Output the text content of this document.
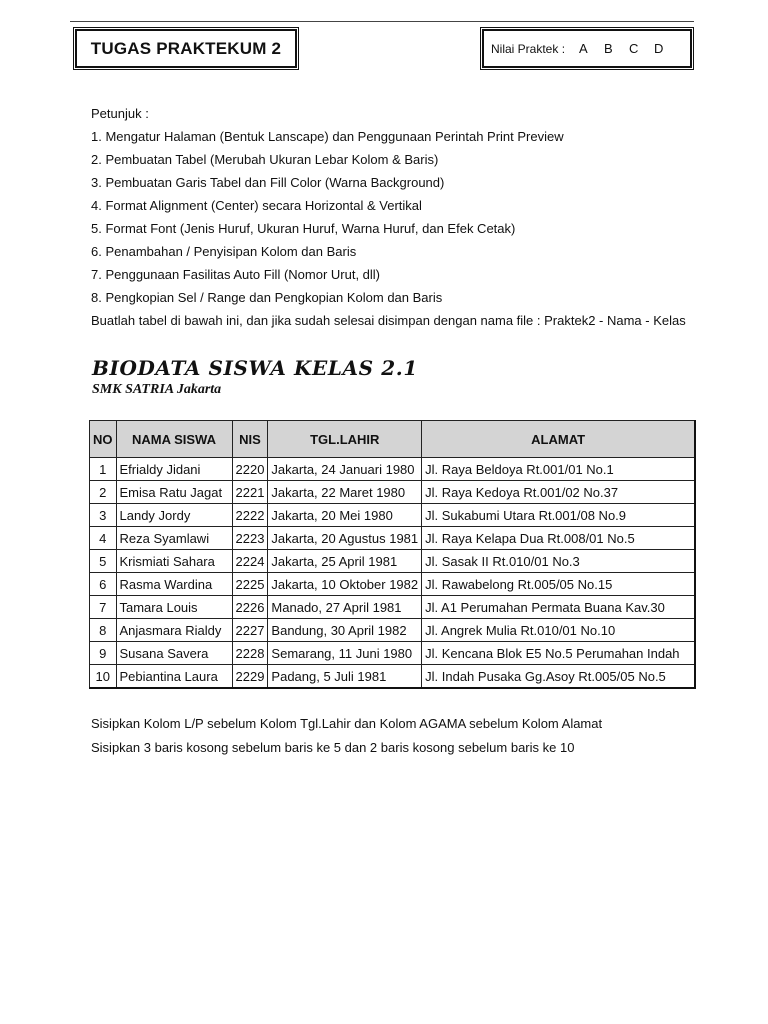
TUGAS PRAKTEKUM 2	Nilai Praktek : A	B	C	D
Petunjuk :
1. Mengatur Halaman (Bentuk Lanscape) dan Penggunaan Perintah Print Preview
2. Pembuatan Tabel (Merubah Ukuran Lebar Kolom & Baris)
3. Pembuatan Garis Tabel dan Fill Color (Warna Background)
4. Format Alignment (Center) secara Horizontal & Vertikal
5. Format Font (Jenis Huruf, Ukuran Huruf, Warna Huruf, dan Efek Cetak)
6. Penambahan / Penyisipan Kolom dan Baris
7. Penggunaan Fasilitas Auto Fill (Nomor Urut, dll)
8. Pengkopian Sel / Range dan Pengkopian Kolom dan Baris
Buatlah tabel di bawah ini, dan jika sudah selesai disimpan dengan nama file : Praktek2 - Nama - Kelas
BIODATA SISWA KELAS 2.1
SMK SATRIA Jakarta
NO	NAMA SISWA	NIS	TGL.LAHIR	ALAMAT
1	Efrialdy Jidani	2220	Jakarta, 24 Januari 1980	Jl. Raya Beldoya Rt.001/01 No.1
2	Emisa Ratu Jagat	2221	Jakarta, 22 Maret 1980	Jl. Raya Kedoya Rt.001/02 No.37
3	Landy Jordy	2222	Jakarta, 20 Mei 1980	Jl. Sukabumi Utara Rt.001/08 No.9
4	Reza Syamlawi	2223	Jakarta, 20 Agustus 1981	Jl. Raya Kelapa Dua Rt.008/01 No.5
5	Krismiati Sahara	2224	Jakarta, 25 April 1981	Jl. Sasak II Rt.010/01 No.3
6	Rasma Wardina	2225	Jakarta, 10 Oktober 1982	Jl. Rawabelong Rt.005/05 No.15
7	Tamara Louis	2226	Manado, 27 April 1981	Jl. A1 Perumahan Permata Buana Kav.30
8	Anjasmara Rialdy	2227	Bandung, 30 April 1982	Jl. Angrek Mulia Rt.010/01 No.10
9	Susana Savera	2228	Semarang, 11 Juni 1980	Jl. Kencana Blok E5 No.5 Perumahan Indah
10	Pebiantina Laura	2229	Padang, 5 Juli 1981	Jl. Indah Pusaka Gg.Asoy Rt.005/05 No.5
Sisipkan Kolom L/P sebelum Kolom Tgl.Lahir dan Kolom AGAMA sebelum Kolom Alamat
Sisipkan 3 baris kosong sebelum baris ke 5 dan 2 baris kosong sebelum baris ke 10
